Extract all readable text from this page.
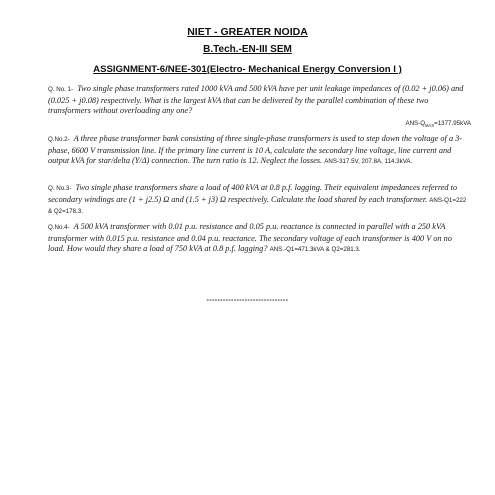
NIET - GREATER NOIDA
B.Tech.-EN-III SEM
ASSIGNMENT-6/NEE-301(Electro- Mechanical Energy Conversion I )

Q. No. 1- Two single phase transformers rated 1000 kVA and 500 kVA have per unit leakage impedances of (0.02 + j0.06) and (0.025 + j0.08) respectively. What is the largest kVA that can be delivered by the parallel combination of these two transformers without overloading any one?

ANS-$Q_{MAX}=1377.95kVA$

Q.No.2- A three phase transformer bank consisting of three single-phase transformers is used to step down the voltage of a 3-phase, 6600 V transmission line. If the primary line current is 10 A, calculate the secondary line voltage, line current and output kVA for star/delta (Y/Δ) connection. The turn ratio is 12. Neglect the losses. ANS-317.5V, 207.8A, 114.3kVA.

Q. No.3- Two single phase transformers share a load of 400 kVA at 0.8 p.f. lagging. Their equivalent impedances referred to secondary windings are (1 + j2.5) Ω and (1.5 + j3) Ω respectively. Calculate the load shared by each transformer. ANS-Q1=222 & Q2=178.3.

Q.No.4- A 500 kVA transformer with 0.01 p.u. resistance and 0.05 p.u. reactance is connected in parallel with a 250 kVA transformer with 0.015 p.u. resistance and 0.04 p.u. reactance. The secondary voltage of each transformer is 400 V on no load. How would they share a load of 750 kVA at 0.8 p.f. lagging? ANS.-Q1=471.3kVA & Q2=281.3.

------------------------------
